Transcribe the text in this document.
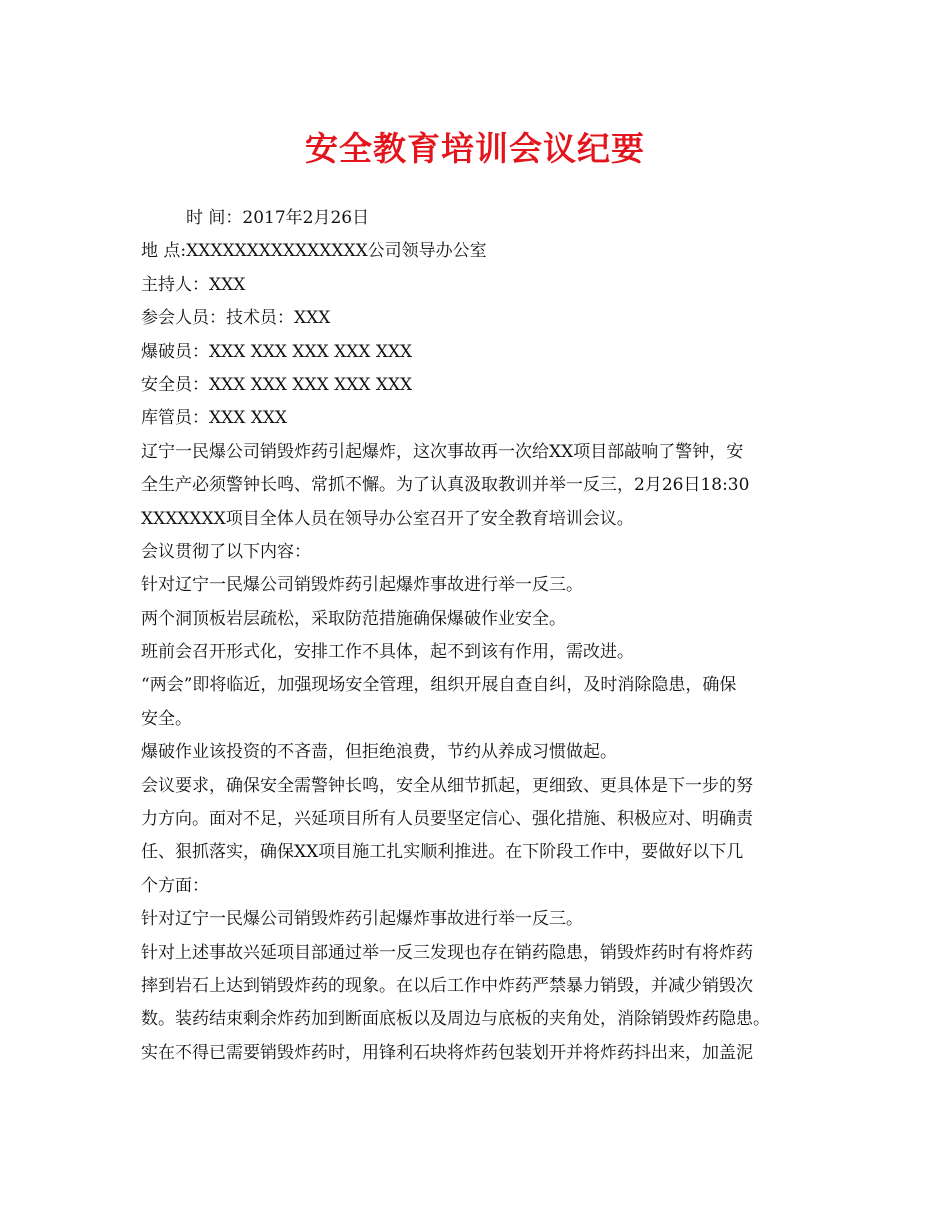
安全教育培训会议纪要
时 间：2017年2月26日
地 点:XXXXXXXXXXXXXXX公司领导办公室
主持人：XXX
参会人员：技术员：XXX
爆破员：XXX XXX XXX XXX XXX
安全员：XXX XXX XXX XXX XXX
库管员：XXX XXX
辽宁一民爆公司销毁炸药引起爆炸，这次事故再一次给XX项目部敲响了警钟，安
全生产必须警钟长鸣、常抓不懈。为了认真汲取教训并举一反三，2月26日18:30
XXXXXXX项目全体人员在领导办公室召开了安全教育培训会议。
会议贯彻了以下内容：
针对辽宁一民爆公司销毁炸药引起爆炸事故进行举一反三。
两个洞顶板岩层疏松，采取防范措施确保爆破作业安全。
班前会召开形式化，安排工作不具体，起不到该有作用，需改进。
“两会”即将临近，加强现场安全管理，组织开展自查自纠，及时消除隐患，确保
安全。
爆破作业该投资的不吝啬，但拒绝浪费，节约从养成习惯做起。
会议要求，确保安全需警钟长鸣，安全从细节抓起，更细致、更具体是下一步的努
力方向。面对不足，兴延项目所有人员要坚定信心、强化措施、积极应对、明确责
任、狠抓落实，确保XX项目施工扎实顺利推进。在下阶段工作中，要做好以下几
个方面：
针对辽宁一民爆公司销毁炸药引起爆炸事故进行举一反三。
针对上述事故兴延项目部通过举一反三发现也存在销药隐患，销毁炸药时有将炸药
摔到岩石上达到销毁炸药的现象。在以后工作中炸药严禁暴力销毁，并减少销毁次
数。装药结束剩余炸药加到断面底板以及周边与底板的夹角处，消除销毁炸药隐患。
实在不得已需要销毁炸药时，用锋利石块将炸药包装划开并将炸药抖出来，加盖泥
